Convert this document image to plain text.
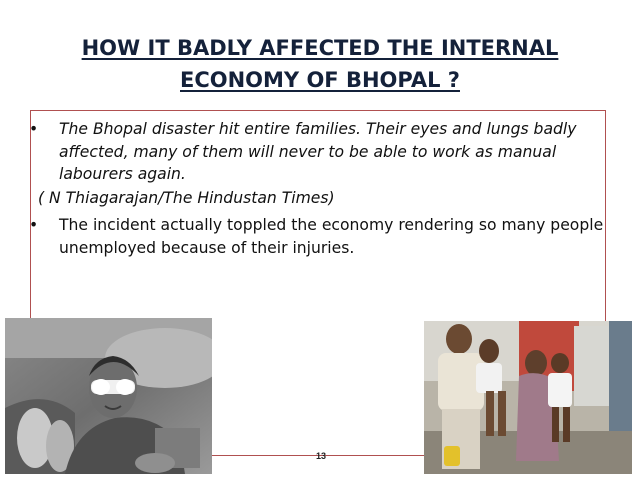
HOW IT BADLY AFFECTED THE INTERNAL
ECONOMY OF BHOPAL ?

• The Bhopal disaster hit entire families. Their eyes and lungs badly affected, many of them will never to be able to work as manual labourers again.

( N Thiagarajan/The Hindustan Times)

• The incident actually toppled the economy rendering so many people unemployed because of their injuries.

13
